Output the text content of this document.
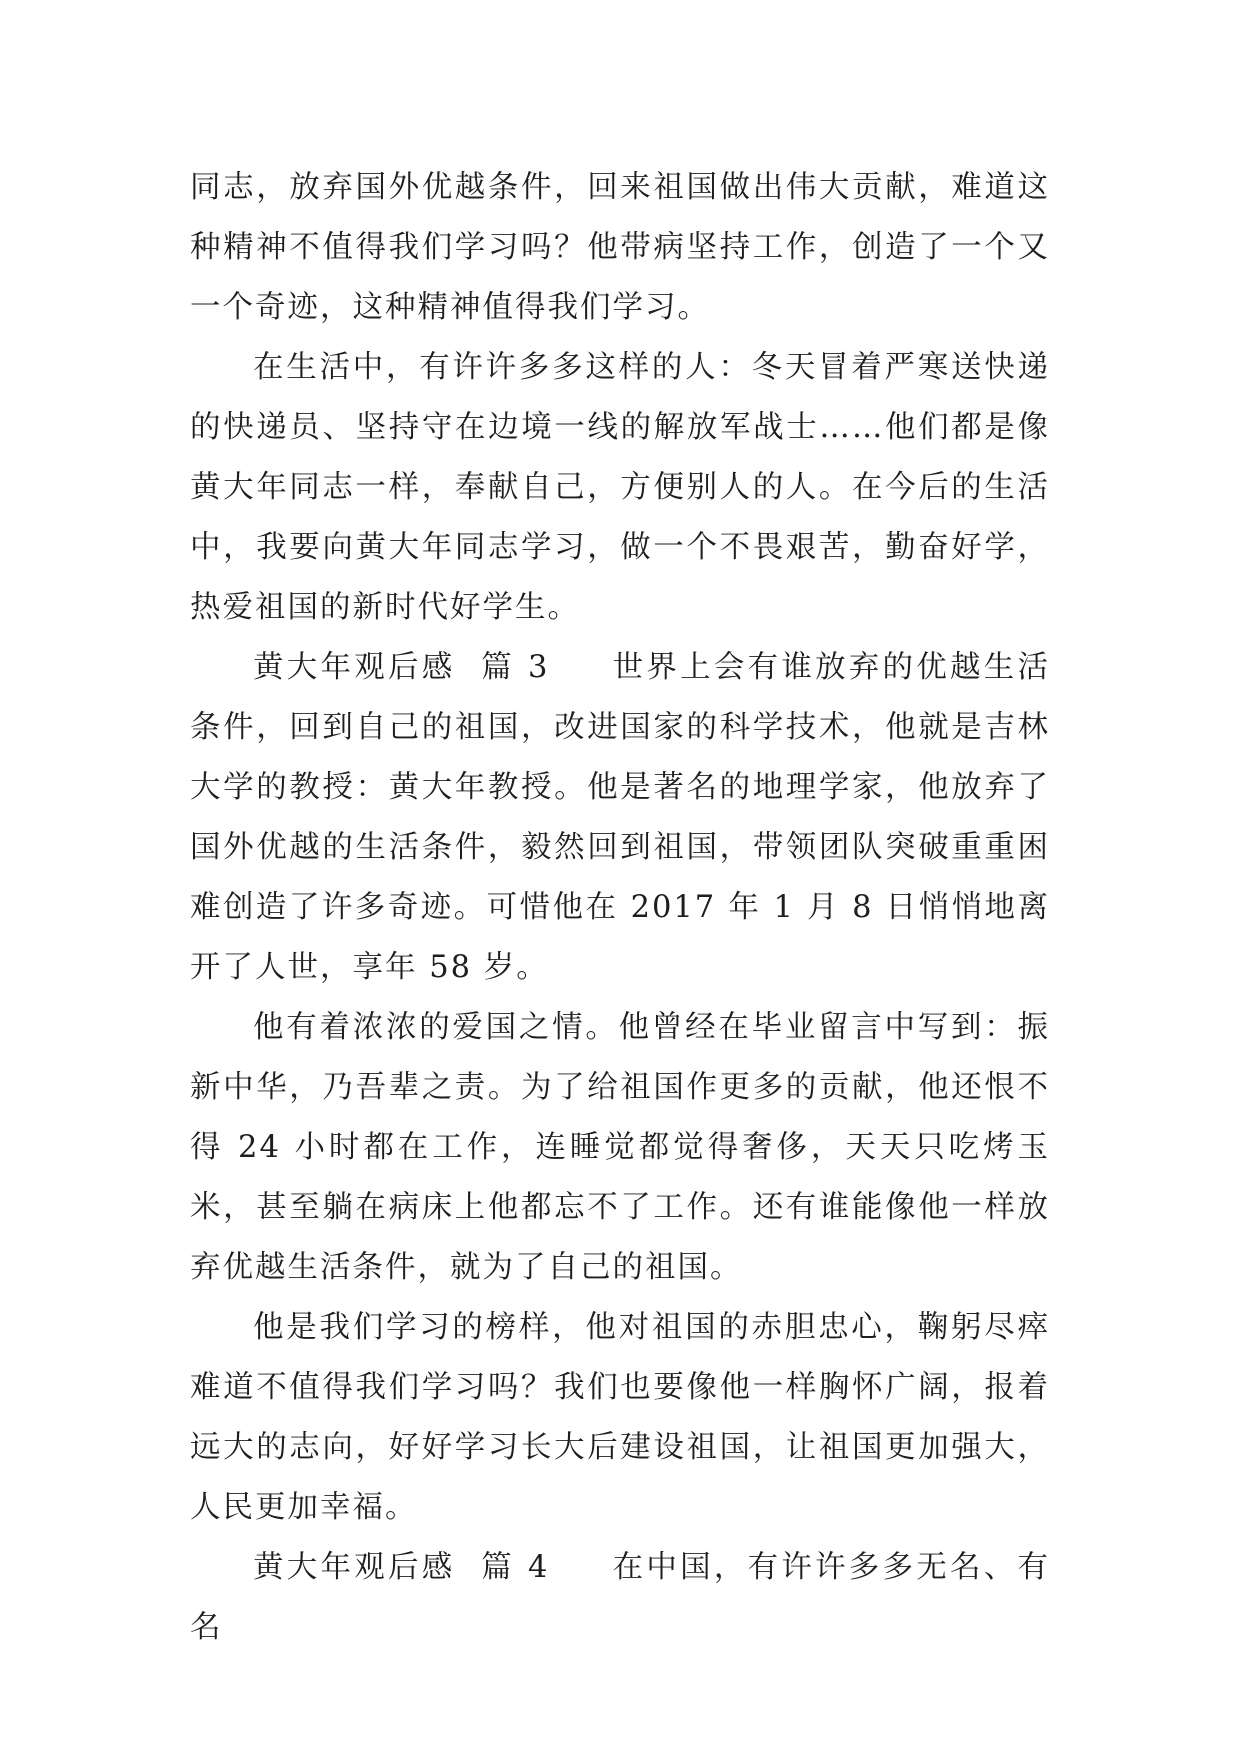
同志，放弃国外优越条件，回来祖国做出伟大贡献，难道这种精神不值得我们学习吗？他带病坚持工作，创造了一个又一个奇迹，这种精神值得我们学习。

在生活中，有许许多多这样的人：冬天冒着严寒送快递的快递员、坚持守在边境一线的解放军战士……他们都是像黄大年同志一样，奉献自己，方便别人的人。在今后的生活中，我要向黄大年同志学习，做一个不畏艰苦，勤奋好学，热爱祖国的新时代好学生。

黄大年观后感  篇 3 世界上会有谁放弃的优越生活条件，回到自己的祖国，改进国家的科学技术，他就是吉林大学的教授：黄大年教授。他是著名的地理学家，他放弃了国外优越的生活条件，毅然回到祖国，带领团队突破重重困难创造了许多奇迹。可惜他在 2017 年 1 月 8 日悄悄地离开了人世，享年 58 岁。

他有着浓浓的爱国之情。他曾经在毕业留言中写到：振新中华，乃吾辈之责。为了给祖国作更多的贡献，他还恨不得 24 小时都在工作，连睡觉都觉得奢侈，天天只吃烤玉米，甚至躺在病床上他都忘不了工作。还有谁能像他一样放弃优越生活条件，就为了自己的祖国。

他是我们学习的榜样，他对祖国的赤胆忠心，鞠躬尽瘁难道不值得我们学习吗？我们也要像他一样胸怀广阔，报着远大的志向，好好学习长大后建设祖国，让祖国更加强大，人民更加幸福。

黄大年观后感  篇 4 在中国，有许许多多无名、有名
